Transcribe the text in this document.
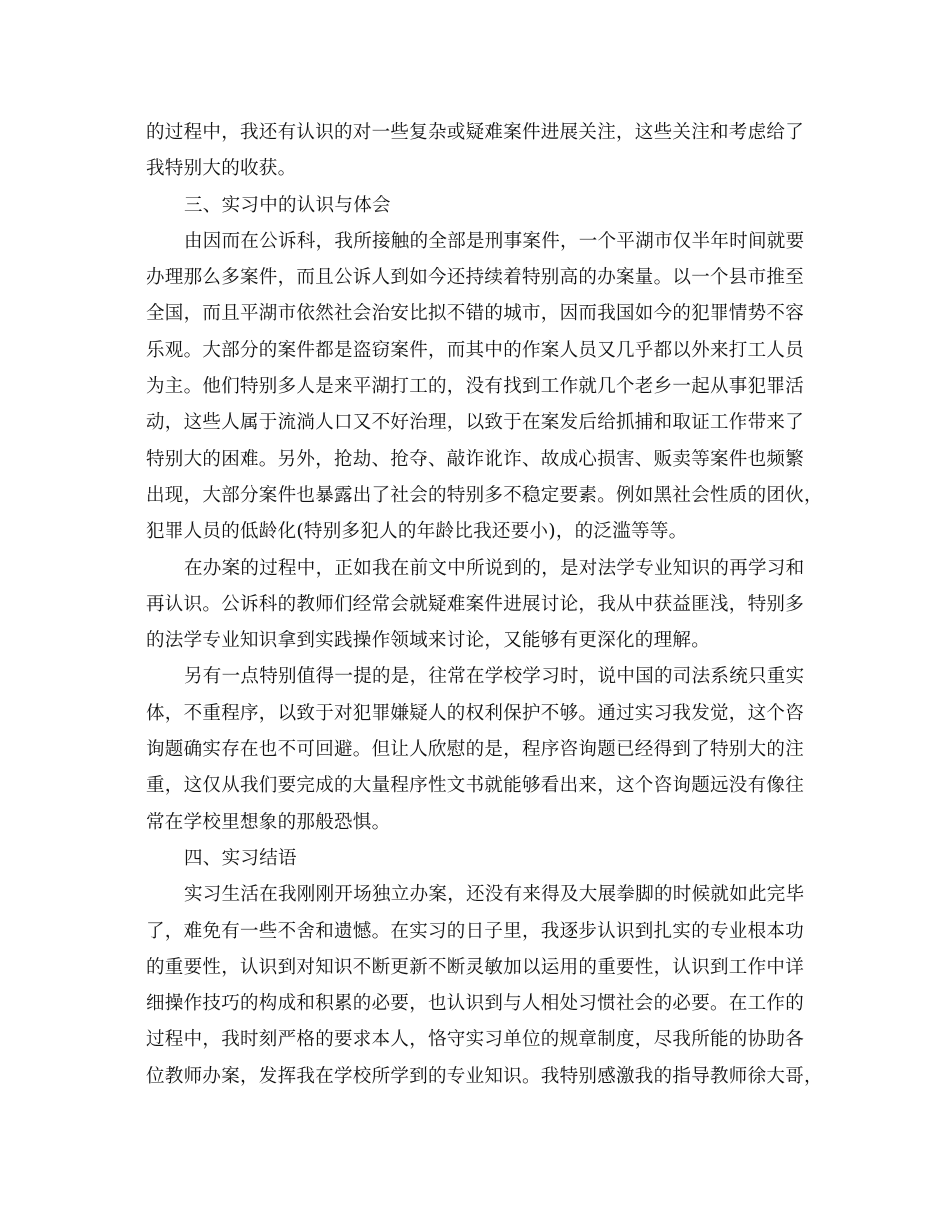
的过程中，我还有认识的对一些复杂或疑难案件进展关注，这些关注和考虑给了
我特别大的收获。
三、实习中的认识与体会
由因而在公诉科，我所接触的全部是刑事案件，一个平湖市仅半年时间就要
办理那么多案件，而且公诉人到如今还持续着特别高的办案量。以一个县市推至
全国，而且平湖市依然社会治安比拟不错的城市，因而我国如今的犯罪情势不容
乐观。大部分的案件都是盗窃案件，而其中的作案人员又几乎都以外来打工人员
为主。他们特别多人是来平湖打工的，没有找到工作就几个老乡一起从事犯罪活
动，这些人属于流淌人口又不好治理，以致于在案发后给抓捕和取证工作带来了
特别大的困难。另外，抢劫、抢夺、敲诈讹诈、故成心损害、贩卖等案件也频繁
出现，大部分案件也暴露出了社会的特别多不稳定要素。例如黑社会性质的团伙，
犯罪人员的低龄化(特别多犯人的年龄比我还要小)，的泛滥等等。
在办案的过程中，正如我在前文中所说到的，是对法学专业知识的再学习和
再认识。公诉科的教师们经常会就疑难案件进展讨论，我从中获益匪浅，特别多
的法学专业知识拿到实践操作领域来讨论，又能够有更深化的理解。
另有一点特别值得一提的是，往常在学校学习时，说中国的司法系统只重实
体，不重程序，以致于对犯罪嫌疑人的权利保护不够。通过实习我发觉，这个咨
询题确实存在也不可回避。但让人欣慰的是，程序咨询题已经得到了特别大的注
重，这仅从我们要完成的大量程序性文书就能够看出来，这个咨询题远没有像往
常在学校里想象的那般恐惧。
四、实习结语
实习生活在我刚刚开场独立办案，还没有来得及大展拳脚的时候就如此完毕
了，难免有一些不舍和遗憾。在实习的日子里，我逐步认识到扎实的专业根本功
的重要性，认识到对知识不断更新不断灵敏加以运用的重要性，认识到工作中详
细操作技巧的构成和积累的必要，也认识到与人相处习惯社会的必要。在工作的
过程中，我时刻严格的要求本人，恪守实习单位的规章制度，尽我所能的协助各
位教师办案，发挥我在学校所学到的专业知识。我特别感激我的指导教师徐大哥，
